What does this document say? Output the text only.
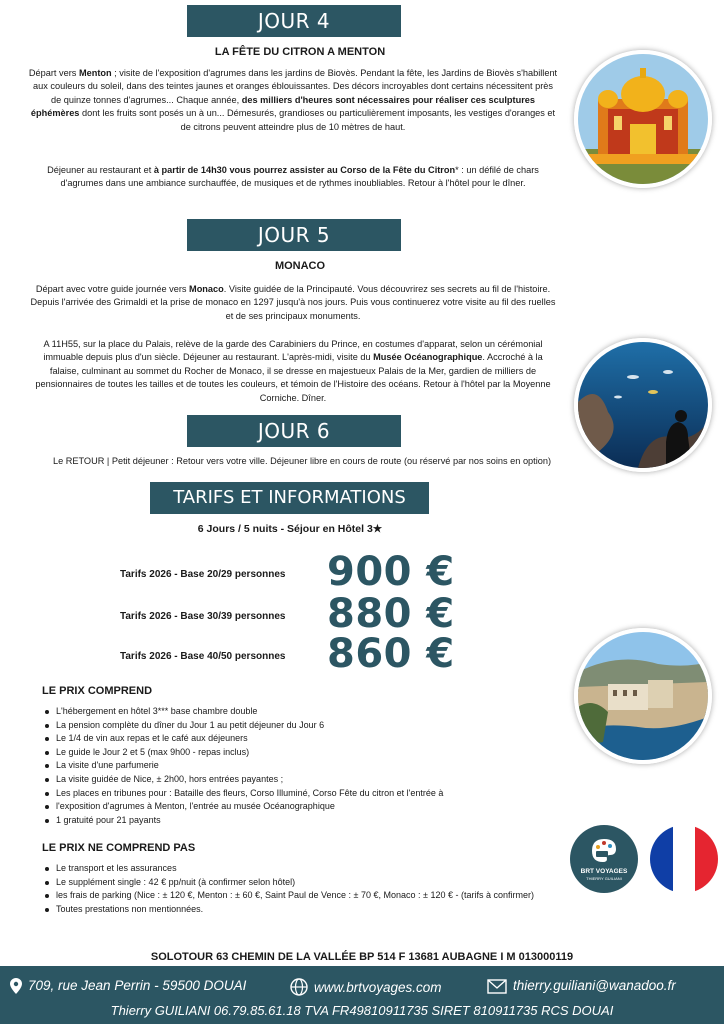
JOUR 4
LA FÊTE DU CITRON A MENTON
Départ vers Menton ; visite de l'exposition d'agrumes dans les jardins de Biovès. Pendant la fête, les Jardins de Biovès s'habillent aux couleurs du soleil, dans des teintes jaunes et oranges éblouissantes. Des décors incroyables dont certains nécessitent près de quinze tonnes d'agrumes... Chaque année, des milliers d'heures sont nécessaires pour réaliser ces sculptures éphémères dont les fruits sont posés un à un... Démesurés, grandioses ou particulièrement imposants, les vestiges d'oranges et de citrons peuvent atteindre plus de 10 mètres de haut.
Déjeuner au restaurant et à partir de 14h30 vous pourrez assister au Corso de la Fête du Citron* : un défilé de chars d'agrumes dans une ambiance surchauffée, de musiques et de rythmes inoubliables. Retour à l'hôtel pour le dîner.
JOUR 5
MONACO
Départ avec votre guide journée vers Monaco. Visite guidée de la Principauté. Vous découvrirez ses secrets au fil de l'histoire. Depuis l'arrivée des Grimaldi et la prise de monaco en 1297 jusqu'à nos jours. Puis vous continuerez votre visite au fil des ruelles et de ses principaux monuments.
A 11H55, sur la place du Palais, relève de la garde des Carabiniers du Prince, en costumes d'apparat, selon un cérémonial immuable depuis plus d'un siècle. Déjeuner au restaurant. L'après-midi, visite du Musée Océanographique. Accroché à la falaise, culminant au sommet du Rocher de Monaco, il se dresse en majestueux Palais de la Mer, gardien de milliers de pensionnaires de toutes les tailles et de toutes les couleurs, et témoin de l'Histoire des océans. Retour à l'hôtel par la Moyenne Corniche. Dîner.
JOUR 6
Le RETOUR | Petit déjeuner : Retour vers votre ville. Déjeuner libre en cours de route (ou réservé par nos soins en option)
TARIFS ET INFORMATIONS
6 Jours / 5 nuits - Séjour en Hôtel 3★
Tarifs 2026 - Base 20/29 personnes 900 €
Tarifs 2026 - Base 30/39 personnes 880 €
Tarifs 2026 - Base 40/50 personnes 860 €
LE PRIX COMPREND
L'hébergement en hôtel 3*** base chambre double
La pension complète du dîner du Jour 1 au petit déjeuner du Jour 6
Le 1/4 de vin aux repas et le café aux déjeuners
Le guide le Jour 2 et 5 (max 9h00 - repas inclus)
La visite d'une parfumerie
La visite guidée de Nice, ± 2h00, hors entrées payantes ;
Les places en tribunes pour : Bataille des fleurs, Corso Illuminé, Corso Fête du citron et l'entrée à
l'exposition d'agrumes à Menton, l'entrée au musée Océanographique
1 gratuité pour 21 payants
LE PRIX NE COMPREND PAS
Le transport et les assurances
Le supplément single : 42 € pp/nuit (à confirmer selon hôtel)
les frais de parking (Nice : ± 120 €, Menton : ± 60 €, Saint Paul de Vence : ± 70 €, Monaco : ± 120 € - (tarifs à confirmer)
Toutes prestations non mentionnées.
BRT VOYAGES
THIERRY GUILIANI
SOLOTOUR 63 CHEMIN DE LA VALLÉE BP 514 F 13681 AUBAGNE I M 013000119
709, rue Jean Perrin - 59500 DOUAI	www.brtvoyages.com	thierry.guiliani@wanadoo.fr
Thierry GUILIANI 06.79.85.61.18 TVA FR49810911735 SIRET 810911735 RCS DOUAI
